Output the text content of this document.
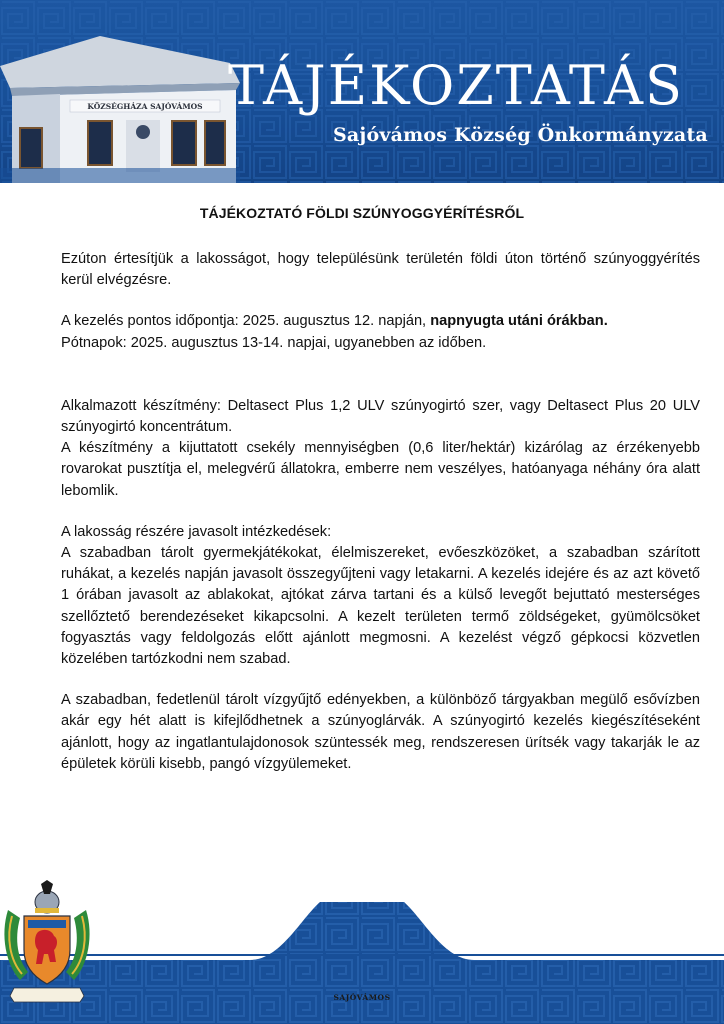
KÖZSÉGHÁZA SAJÓVÁMOS TÁJÉKOZTATÁS
Sajóvámos Község Önkormányzata
TÁJÉKOZTATÓ FÖLDI SZÚNYOGGYÉRÍTÉSRŐL

Ezúton értesítjük a lakosságot, hogy településünk területén földi úton történő szúnyoggyérítés kerül elvégzésre.

A kezelés pontos időpontja: 2025. augusztus 12. napján, napnyugta utáni órákban.

Pótnapok: 2025. augusztus 13-14. napjai, ugyanebben az időben.

Alkalmazott készítmény: Deltasect Plus 1,2 ULV szúnyogirtó szer, vagy Deltasect Plus 20 ULV szúnyogirtó koncentrátum.

A készítmény a kijuttatott csekély mennyiségben (0,6 liter/hektár) kizárólag az érzékenyebb rovarokat pusztítja el, melegvérű állatokra, emberre nem veszélyes, hatóanyaga néhány óra alatt lebomlik.

A lakosság részére javasolt intézkedések:

A szabadban tárolt gyermekjátékokat, élelmiszereket, evőeszközöket, a szabadban szárított ruhákat, a kezelés napján javasolt összegyűjteni vagy letakarni. A kezelés idejére és az azt követő 1 órában javasolt az ablakokat, ajtókat zárva tartani és a külső levegőt bejuttató mesterséges szellőztető berendezéseket kikapcsolni. A kezelt területen termő zöldségeket, gyümölcsöket fogyasztás vagy feldolgozás előtt ajánlott megmosni. A kezelést végző gépkocsi közvetlen közelében tartózkodni nem szabad.

A szabadban, fedetlenül tárolt vízgyűjtő edényekben, a különböző tárgyakban megülő esővízben akár egy hét alatt is kifejlődhetnek a szúnyoglárvák. A szúnyogirtó kezelés kiegészítéseként ajánlott, hogy az ingatlantulajdonosok szüntessék meg, rendszeresen ürítsék vagy takarják le az épületek körüli kisebb, pangó vízgyülemeket.

SAJÓVÁMOS
